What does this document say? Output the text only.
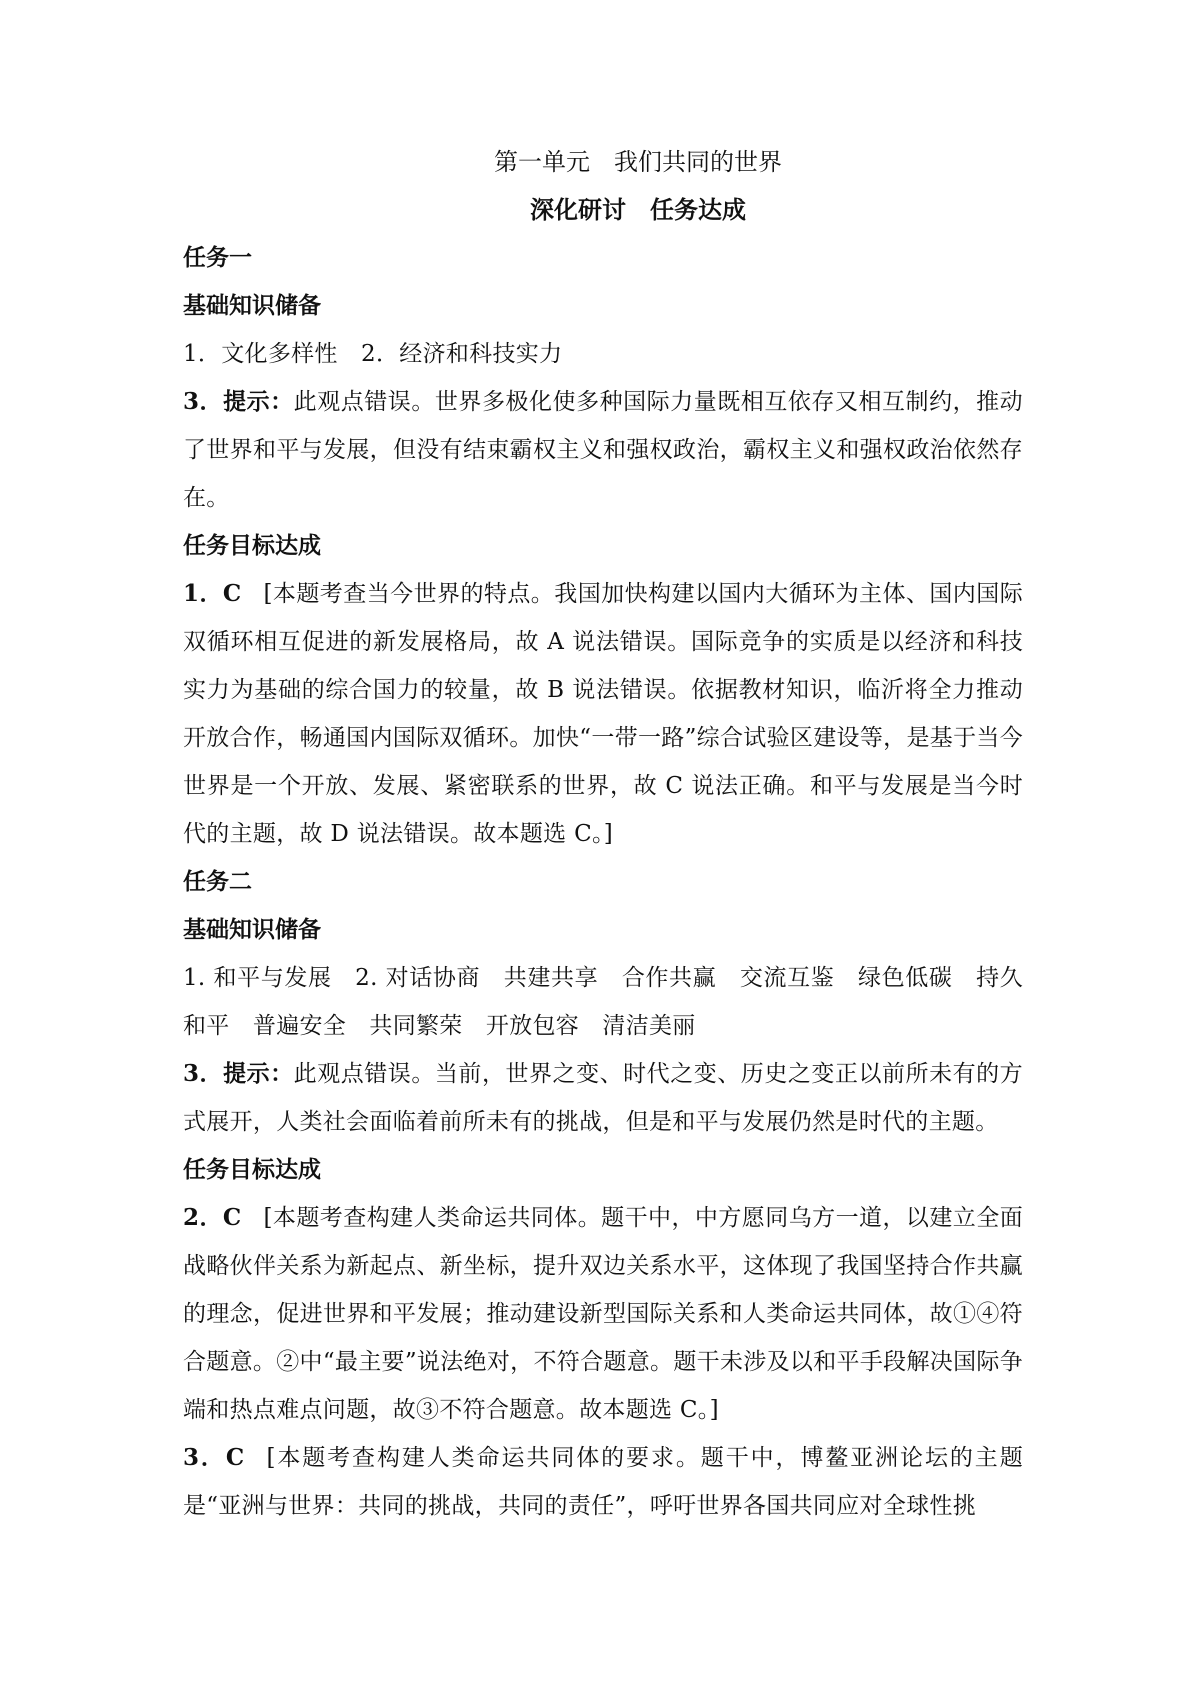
第一单元　我们共同的世界
深化研讨　任务达成
任务一
基础知识储备
1．文化多样性　2．经济和科技实力
3．提示：此观点错误。世界多极化使多种国际力量既相互依存又相互制约，推动了世界和平与发展，但没有结束霸权主义和强权政治，霸权主义和强权政治依然存在。
任务目标达成
1．C [本题考查当今世界的特点。我国加快构建以国内大循环为主体、国内国际双循环相互促进的新发展格局，故 A 说法错误。国际竞争的实质是以经济和科技实力为基础的综合国力的较量，故 B 说法错误。依据教材知识，临沂将全力推动开放合作，畅通国内国际双循环。加快“一带一路”综合试验区建设等，是基于当今世界是一个开放、发展、紧密联系的世界，故 C 说法正确。和平与发展是当今时代的主题，故 D 说法错误。故本题选 C。]
任务二
基础知识储备
1. 和平与发展　2. 对话协商　共建共享　合作共赢　交流互鉴　绿色低碳　持久和平　普遍安全　共同繁荣　开放包容　清洁美丽
3．提示：此观点错误。当前，世界之变、时代之变、历史之变正以前所未有的方式展开，人类社会面临着前所未有的挑战，但是和平与发展仍然是时代的主题。
任务目标达成
2．C [本题考查构建人类命运共同体。题干中，中方愿同乌方一道，以建立全面战略伙伴关系为新起点、新坐标，提升双边关系水平，这体现了我国坚持合作共赢的理念，促进世界和平发展；推动建设新型国际关系和人类命运共同体，故①④符合题意。②中“最主要”说法绝对，不符合题意。题干未涉及以和平手段解决国际争端和热点难点问题，故③不符合题意。故本题选 C。]
3．C [本题考查构建人类命运共同体的要求。题干中，博鳌亚洲论坛的主题是“亚洲与世界：共同的挑战，共同的责任”，呼吁世界各国共同应对全球性挑
